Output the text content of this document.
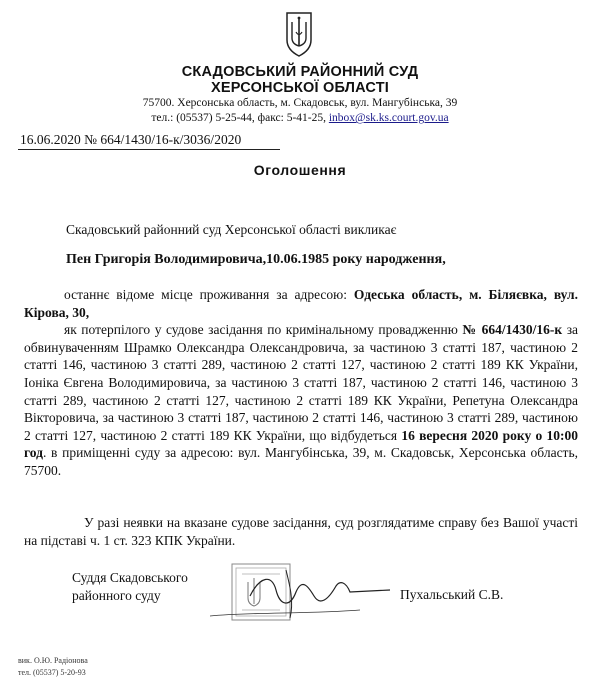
СКАДОВСЬКИЙ РАЙОННИЙ СУД
ХЕРСОНСЬКОЇ ОБЛАСТІ
75700. Херсонська область, м. Скадовськ, вул. Мангубінська, 39
тел.: (05537) 5-25-44, факс: 5-41-25, inbox@sk.ks.court.gov.ua
16.06.2020 № 664/1430/16-к/3036/2020
Оголошення
Скадовський районний суд Херсонської області викликає
Пен Григорія Володимировича,10.06.1985 року народження,

останнє відоме місце проживання за адресою: Одеська область, м. Біляєвка, вул. Кірова, 30,

як потерпілого у судове засідання по кримінальному провадженню № 664/1430/16-к за обвинуваченням Шрамко Олександра Олександровича, за частиною 3 статті 187, частиною 2 статті 146, частиною 3 статті 289, частиною 2 статті 127, частиною 2 статті 189 КК України, Іоніка Євгена Володимировича, за частиною 3 статті 187, частиною 2 статті 146, частиною 3 статті 289, частиною 2 статті 127, частиною 2 статті 189 КК України, Репетуна Олександра Вікторовича, за частиною 3 статті 187, частиною 2 статті 146, частиною 3 статті 289, частиною 2 статті 127, частиною 2 статті 189 КК України, що відбудеться 16 вересня 2020 року о 10:00 год. в приміщенні суду за адресою: вул. Мангубінська, 39, м. Скадовськ, Херсонська область, 75700.

У разі неявки на вказане судове засідання, суд розглядатиме справу без Вашої участі на підставі ч. 1 ст. 323 КПК України.

Суддя Скадовського
районного суду	Пухальський С.В.
вик. О.Ю. Радіонова
тел. (05537) 5-20-93
